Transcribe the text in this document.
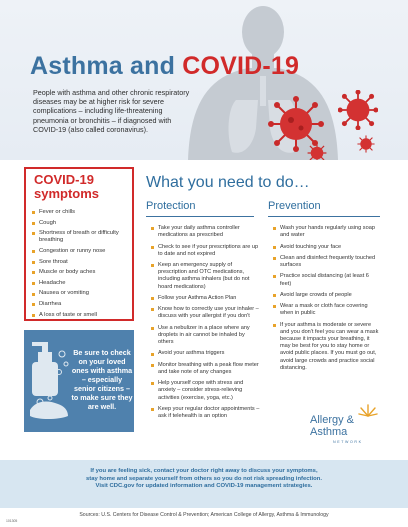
Asthma and COVID-19

People with asthma and other chronic respiratory diseases may be at higher risk for severe complications – including life-threatening pneumonia or bronchitis – if diagnosed with COVID-19 (also called coronavirus).

COVID-19
symptoms
Fever or chills
Cough
Shortness of breath or difficulty breathing
Congestion or runny nose
Sore throat
Muscle or body aches
Headache
Nausea or vomiting
Diarrhea
A loss of taste or smell
Be sure to check on your loved ones with asthma – especially senior citizens – to make sure they are well.
What you need to do…
Protection
Take your daily asthma controller medications as prescribed
Check to see if your prescriptions are up to date and not expired
Keep an emergency supply of prescription and OTC medications, including asthma inhalers (but do not hoard medications)
Follow your Asthma Action Plan
Know how to correctly use your inhaler – discuss with your allergist if you don't
Use a nebulizer in a place where any droplets in air cannot be inhaled by others
Avoid your asthma triggers
Monitor breathing with a peak flow meter and take note of any changes
Help yourself cope with stress and anxiety – consider stress-relieving activities (exercise, yoga, etc.)
Keep your regular doctor appointments – ask if telehealth is an option
Prevention
Wash your hands regularly using soap and water
Avoid touching your face
Clean and disinfect frequently touched surfaces
Practice social distancing (at least 6 feet)
Avoid large crowds of people
Wear a mask or cloth face covering when in public
If your asthma is moderate or severe and you don't feel you can wear a mask because it impacts your breathing, it may be best for you to stay home or avoid public places. If you must go out, avoid large crowds and practice social distancing.
Allergy &
Asthma
NETWORK
If you are feeling sick, contact your doctor right away to discuss your symptoms,
stay home and separate yourself from others so you do not risk spreading infection.
Visit CDC.gov for updated information and COVID-19 management strategies.
Sources: U.S. Centers for Disease Control & Prevention; American College of Allergy, Asthma & Immunology
101305
